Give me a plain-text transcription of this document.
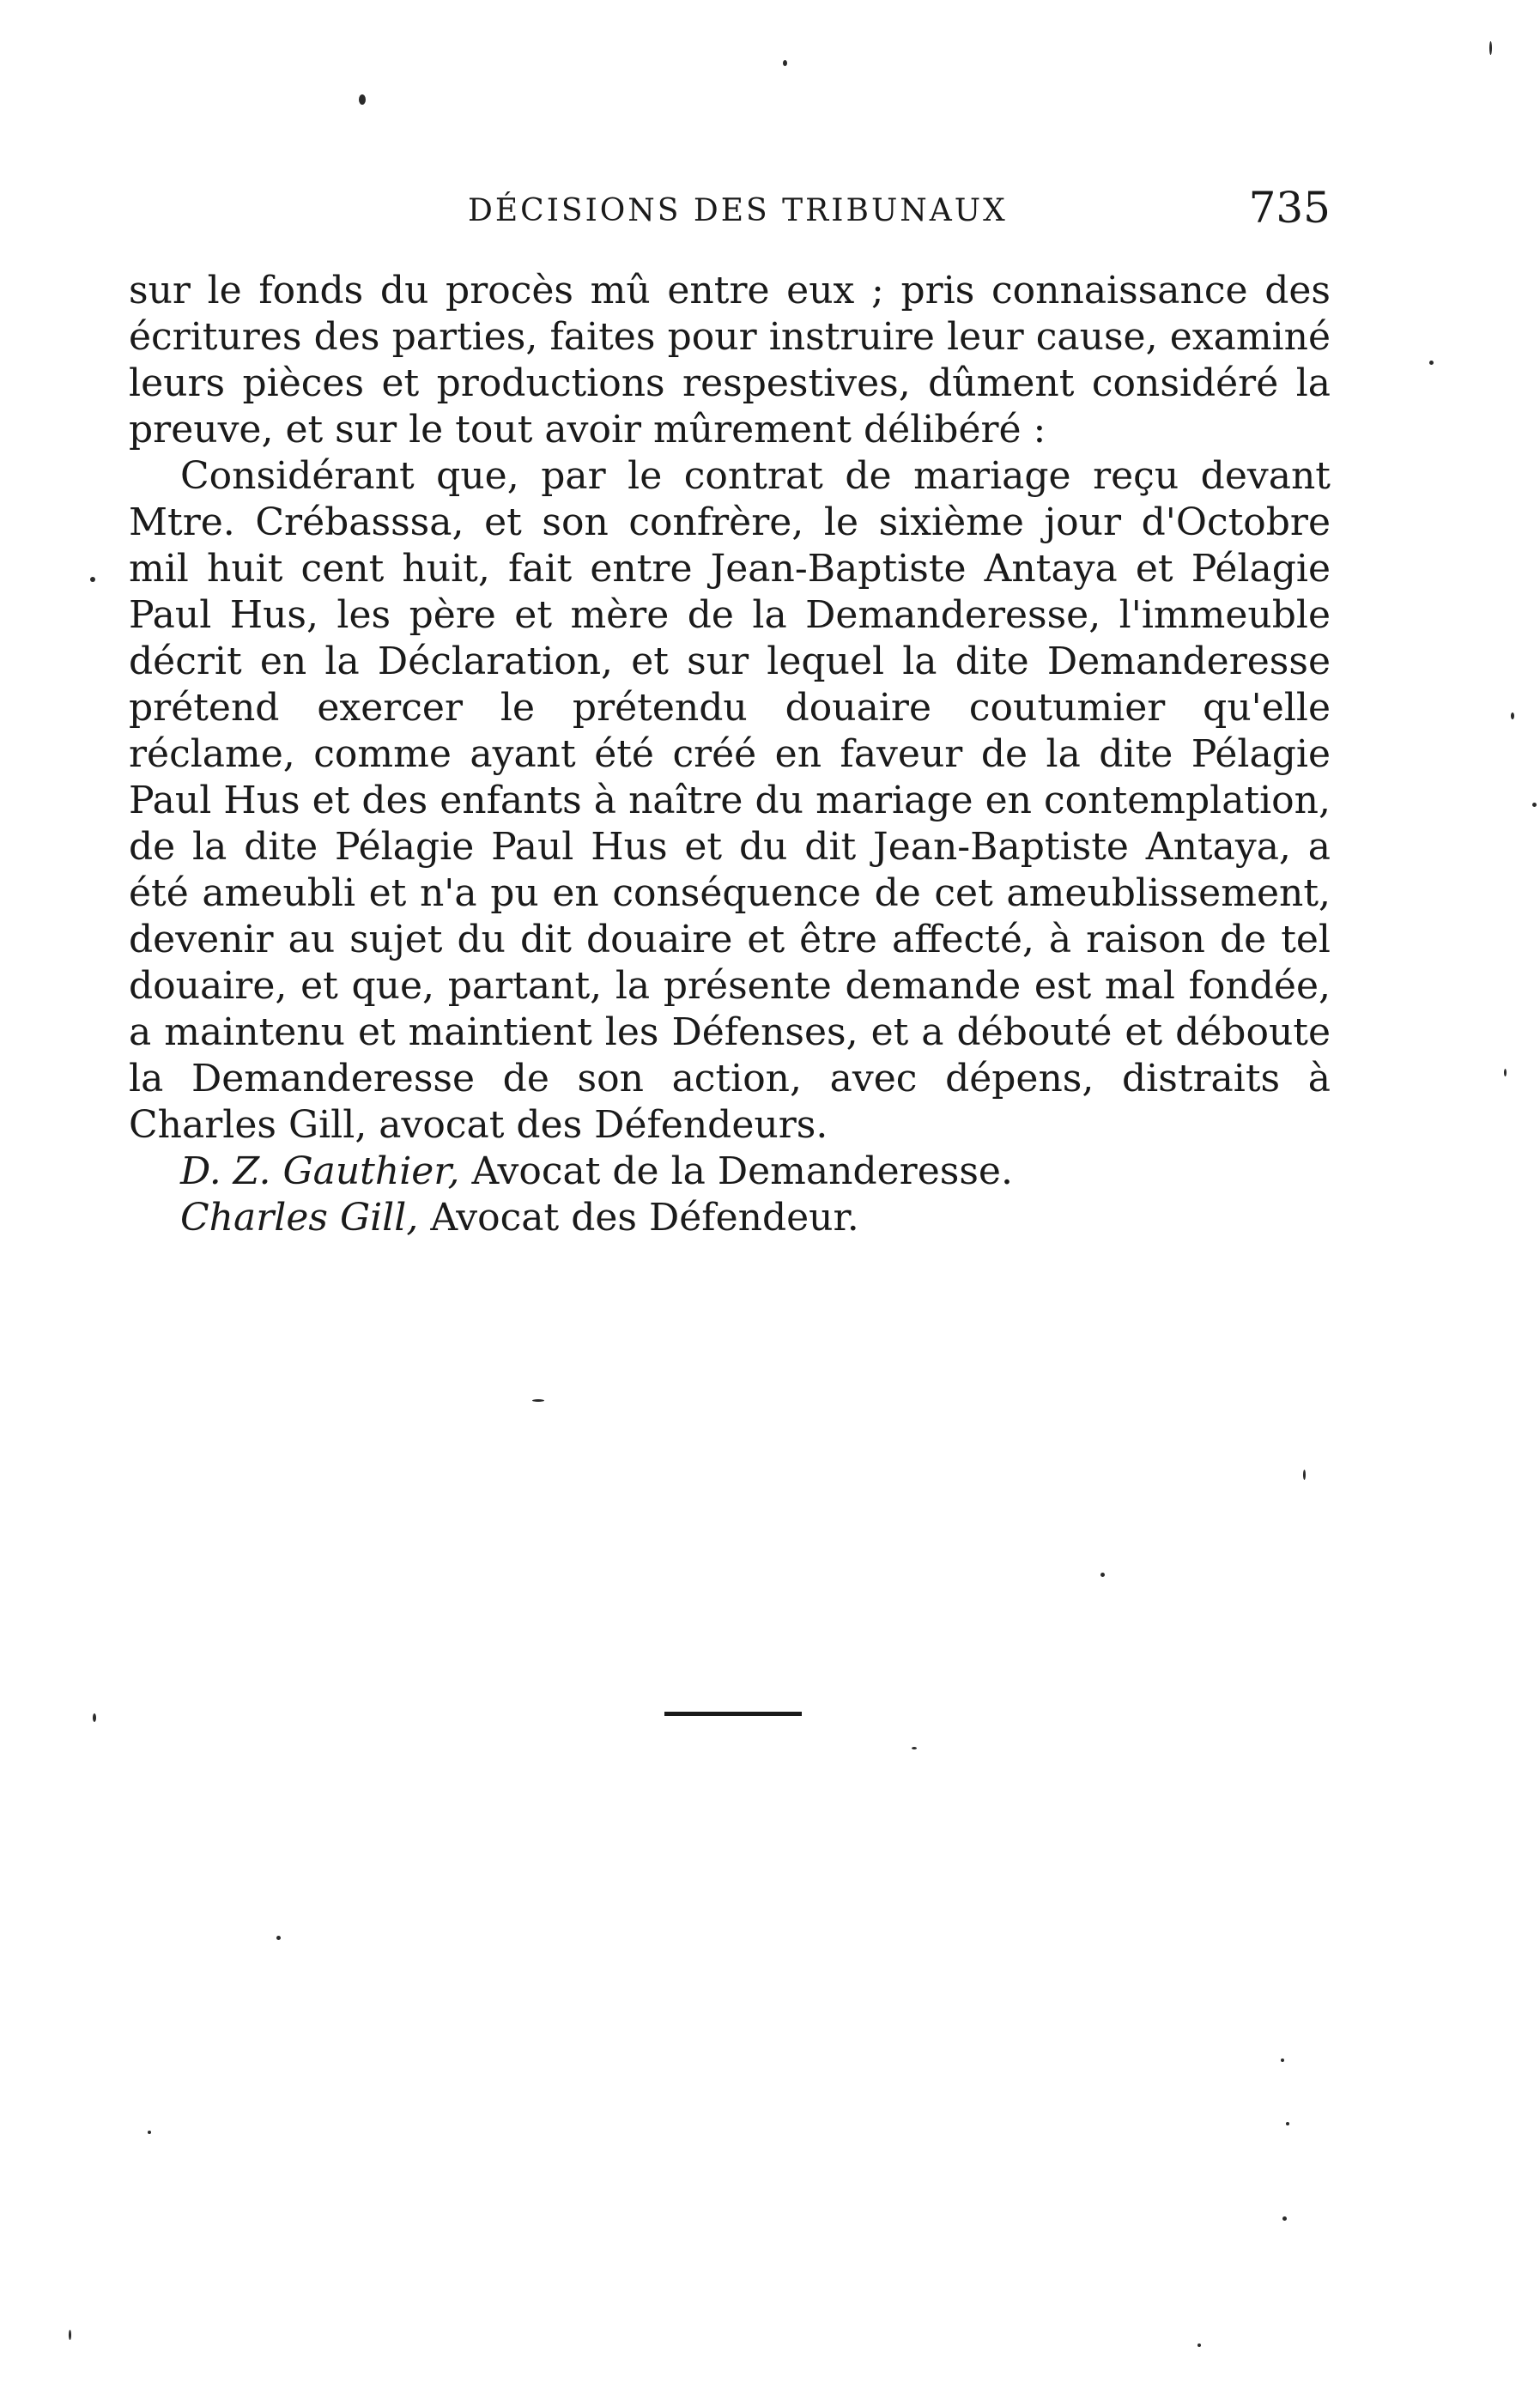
DÉCISIONS DES TRIBUNAUX	735

sur le fonds du procès mû entre eux ; pris connaissance des écritures des parties, faites pour instruire leur cause, examiné leurs pièces et productions respestives, dûment considéré la preuve, et sur le tout avoir mûrement délibéré :

Considérant que, par le contrat de mariage reçu devant Mtre. Crébasssa, et son confrère, le sixième jour d'Octobre mil huit cent huit, fait entre Jean-Baptiste Antaya et Pélagie Paul Hus, les père et mère de la Demanderesse, l'immeuble décrit en la Déclaration, et sur lequel la dite Demanderesse prétend exercer le prétendu douaire coutumier qu'elle réclame, comme ayant été créé en faveur de la dite Pélagie Paul Hus et des enfants à naître du mariage en contemplation, de la dite Pélagie Paul Hus et du dit Jean-Baptiste Antaya, a été ameubli et n'a pu en conséquence de cet ameublissement, devenir au sujet du dit douaire et être affecté, à raison de tel douaire, et que, partant, la présente demande est mal fondée, a maintenu et maintient les Défenses, et a débouté et déboute la Demanderesse de son action, avec dépens, distraits à Charles Gill, avocat des Défendeurs.

D. Z. Gauthier, Avocat de la Demanderesse.

Charles Gill, Avocat des Défendeur.
